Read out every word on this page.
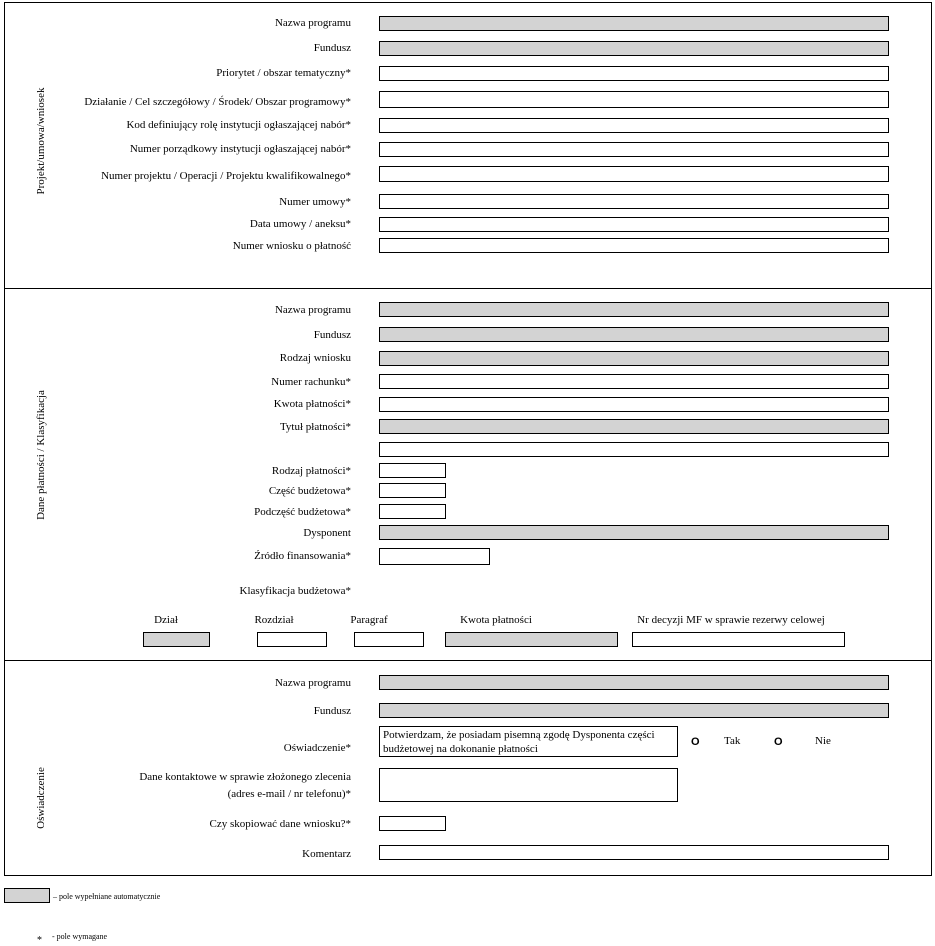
Projekt/umowa/wniosek
Nazwa programu
Fundusz
Priorytet / obszar tematyczny*
Działanie / Cel szczegółowy / Środek/ Obszar programowy*
Kod definiujący rolę instytucji ogłaszającej nabór*
Numer porządkowy instytucji ogłaszającej nabór*
Numer projektu / Operacji / Projektu kwalifikowalnego*
Numer umowy*
Data umowy / aneksu*
Numer wniosku o płatność
Dane płatności / Klasyfikacja
Nazwa programu
Fundusz
Rodzaj wniosku
Numer rachunku*
Kwota płatności*
Tytuł płatności*
Rodzaj płatności*
Część budżetowa*
Podczęść budżetowa*
Dysponent
Źródło finansowania*
Klasyfikacja budżetowa*
Dział	Rozdział	Paragraf	Kwota płatności	Nr decyzji MF w sprawie rezerwy celowej
Oświadczenie
Nazwa programu
Fundusz
Oświadczenie*
Potwierdzam, że posiadam pisemną zgodę Dysponenta części
budżetowej na dokonanie płatności
O Tak	O	Nie
Dane kontaktowe w sprawie złożonego zlecenia
(adres e-mail / nr telefonu)*
Czy skopiować dane wniosku?*
Komentarz
– pole wypełniane automatycznie
* - pole wymagane
